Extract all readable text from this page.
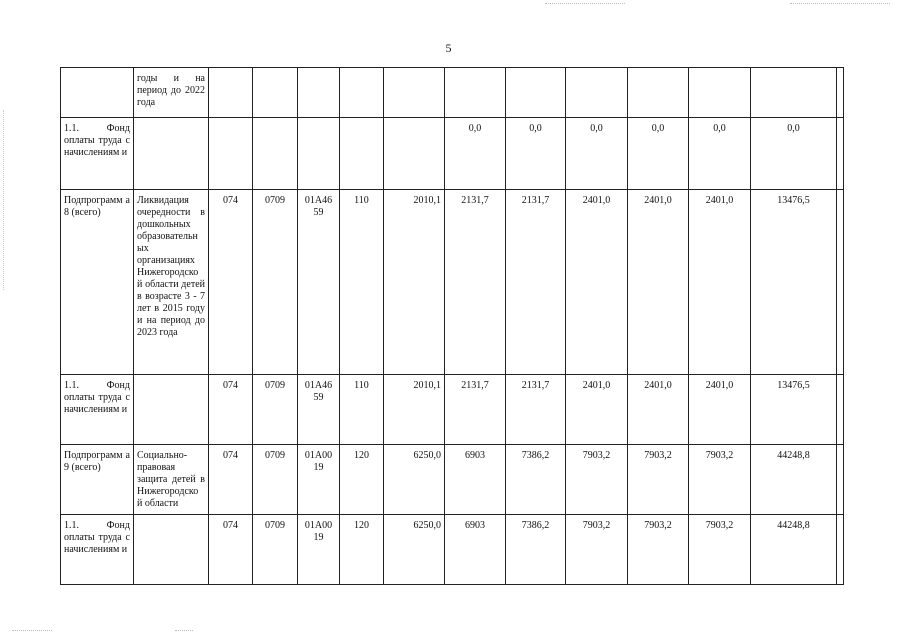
5
	годы и на период до 2022 года												
1.1. Фонд оплаты труда с начислениям и							0,0	0,0	0,0	0,0	0,0	0,0	
Подпрограмм а 8 (всего)	Ликвидация очередности в дошкольных образовательн ых организациях Нижегородско й области детей в возрасте 3 - 7 лет в 2015 году и на период до 2023 года	074	0709	01А46 59	110	2010,1	2131,7	2131,7	2401,0	2401,0	2401,0	13476,5	
1.1. Фонд оплаты труда с начислениям и		074	0709	01А46 59	110	2010,1	2131,7	2131,7	2401,0	2401,0	2401,0	13476,5	
Подпрограмм а 9 (всего)	Социально-правовая защита детей в Нижегородско й области	074	0709	01А00 19	120	6250,0	6903	7386,2	7903,2	7903,2	7903,2	44248,8	
1.1. Фонд оплаты труда с начислениям и		074	0709	01А00 19	120	6250,0	6903	7386,2	7903,2	7903,2	7903,2	44248,8	
